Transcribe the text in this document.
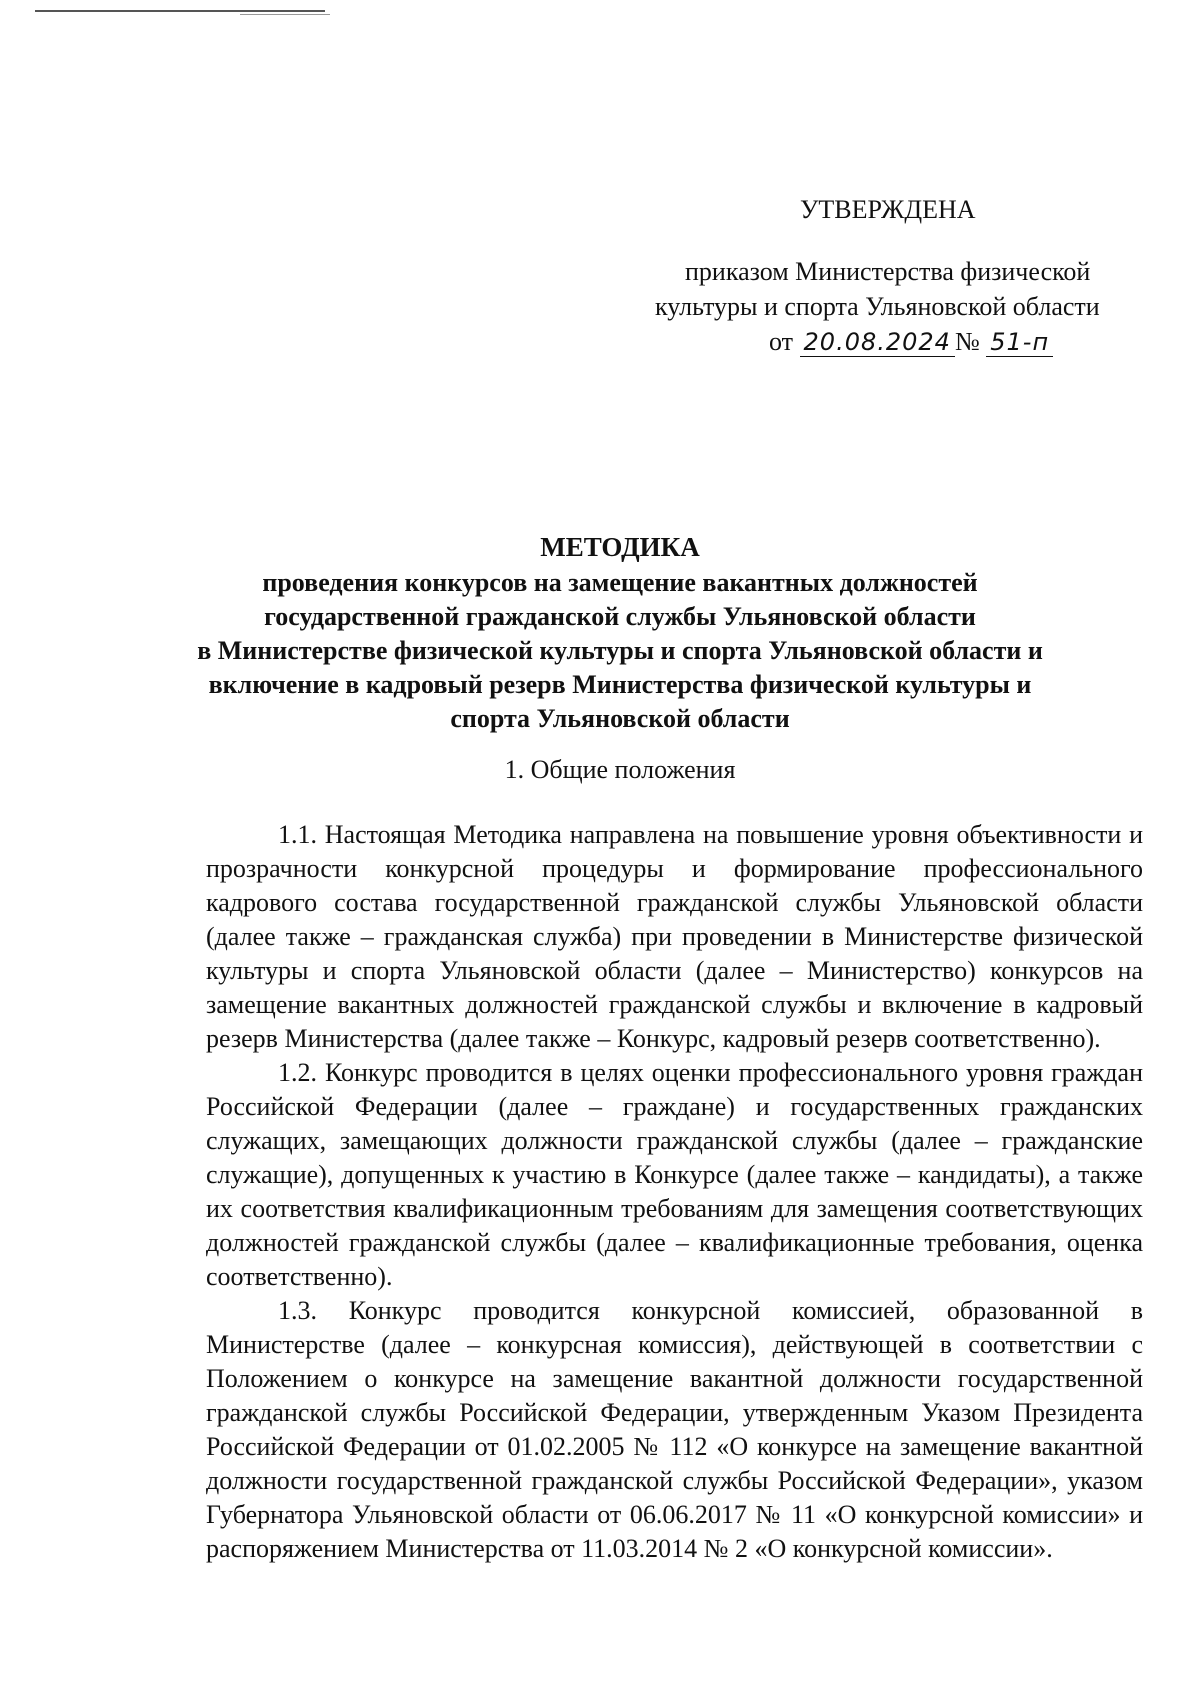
УТВЕРЖДЕНА
приказом Министерства физической
культуры и спорта Ульяновской области
от 20.08.2024 № 51-п
МЕТОДИКА
проведения конкурсов на замещение вакантных должностей
государственной гражданской службы Ульяновской области
в Министерстве физической культуры и спорта Ульяновской области и
включение в кадровый резерв Министерства физической культуры и
спорта Ульяновской области
1. Общие положения

1.1. Настоящая Методика направлена на повышение уровня объективности и прозрачности конкурсной процедуры и формирование профессионального кадрового состава государственной гражданской службы Ульяновской области (далее также – гражданская служба) при проведении в Министерстве физической культуры и спорта Ульяновской области (далее – Министерство) конкурсов на замещение вакантных должностей гражданской службы и включение в кадровый резерв Министерства (далее также – Конкурс, кадровый резерв соответственно).

1.2. Конкурс проводится в целях оценки профессионального уровня граждан Российской Федерации (далее – граждане) и государственных гражданских служащих, замещающих должности гражданской службы (далее – гражданские служащие), допущенных к участию в Конкурсе (далее также – кандидаты), а также их соответствия квалификационным требованиям для замещения соответствующих должностей гражданской службы (далее – квалификационные требования, оценка соответственно).

1.3. Конкурс проводится конкурсной комиссией, образованной в Министерстве (далее – конкурсная комиссия), действующей в соответствии с Положением о конкурсе на замещение вакантной должности государственной гражданской службы Российской Федерации, утвержденным Указом Президента Российской Федерации от 01.02.2005 № 112 «О конкурсе на замещение вакантной должности государственной гражданской службы Российской Федерации», указом Губернатора Ульяновской области от 06.06.2017 № 11 «О конкурсной комиссии» и распоряжением Министерства от 11.03.2014 № 2 «О конкурсной комиссии».
